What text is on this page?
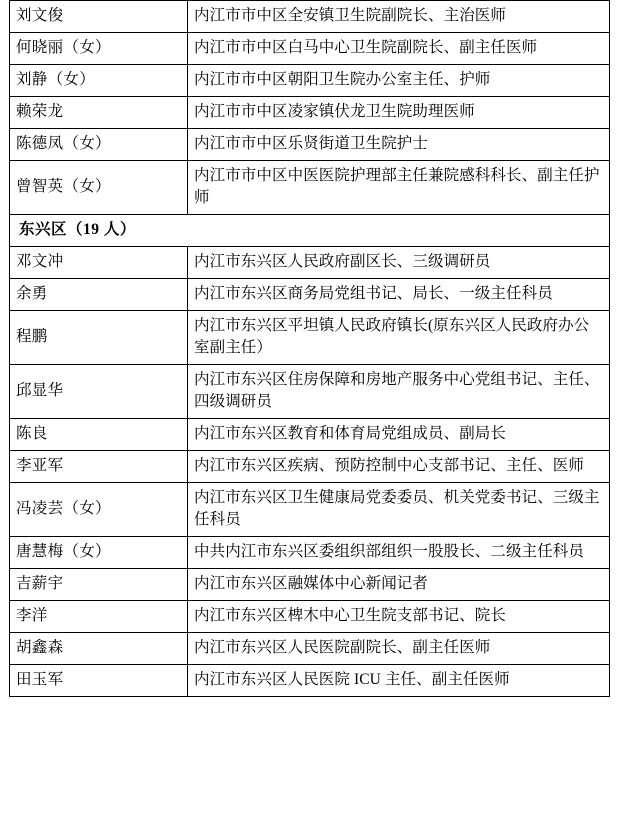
刘文俊	内江市市中区全安镇卫生院副院长、主治医师
何晓丽（女）	内江市市中区白马中心卫生院副院长、副主任医师
刘静（女）	内江市市中区朝阳卫生院办公室主任、护师
赖荣龙	内江市市中区凌家镇伏龙卫生院助理医师
陈德凤（女）	内江市市中区乐贤街道卫生院护士
曾智英（女）	内江市市中区中医医院护理部主任兼院感科科长、副主任护师
东兴区（19 人）	
邓文冲	内江市东兴区人民政府副区长、三级调研员
余勇	内江市东兴区商务局党组书记、局长、一级主任科员
程鹏	内江市东兴区平坦镇人民政府镇长(原东兴区人民政府办公室副主任）
邱显华	内江市东兴区住房保障和房地产服务中心党组书记、主任、四级调研员
陈良	内江市东兴区教育和体育局党组成员、副局长
李亚军	内江市东兴区疾病、预防控制中心支部书记、主任、医师
冯凌芸（女）	内江市东兴区卫生健康局党委委员、机关党委书记、三级主任科员
唐慧梅（女）	中共内江市东兴区委组织部组织一股股长、二级主任科员
吉薪宇	内江市东兴区融媒体中心新闻记者
李洋	内江市东兴区椑木中心卫生院支部书记、院长
胡鑫森	内江市东兴区人民医院副院长、副主任医师
田玉军	内江市东兴区人民医院 ICU 主任、副主任医师
